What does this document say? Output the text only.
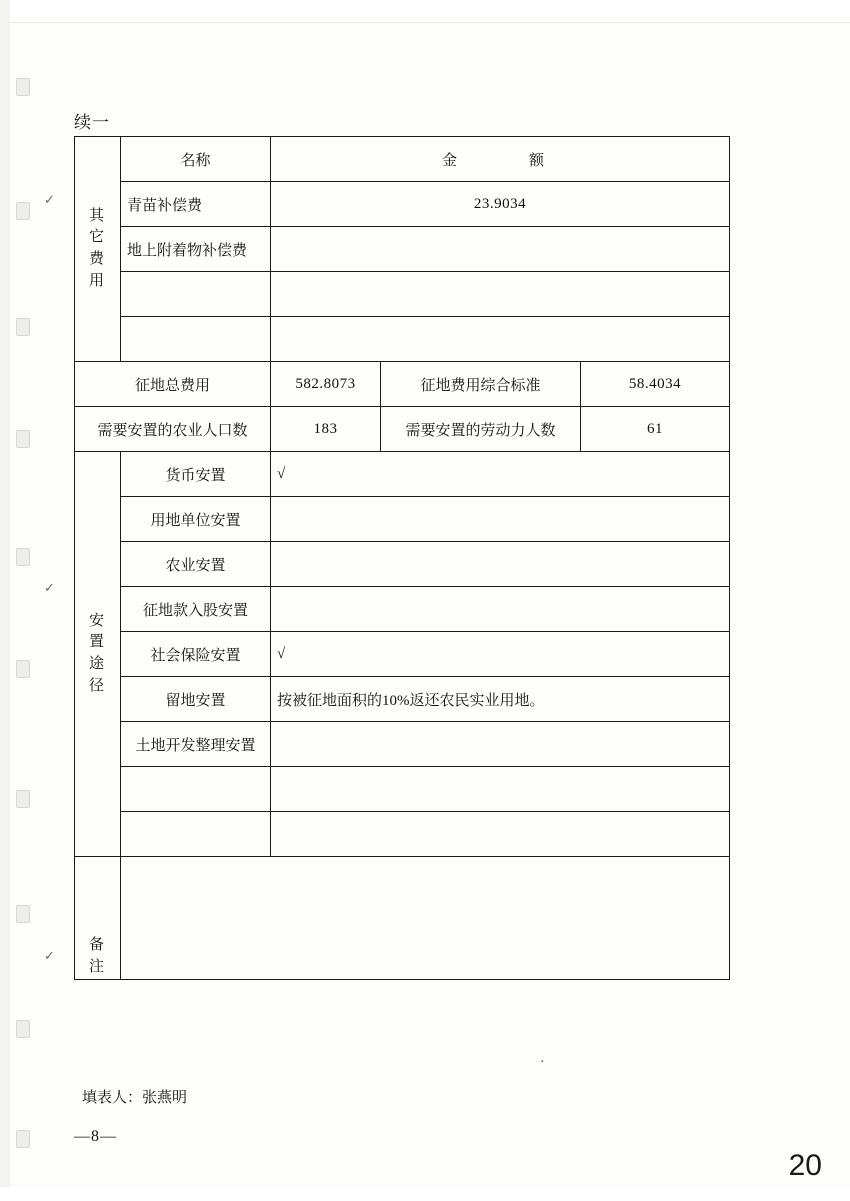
✓
✓
✓
续一
其
它
费
用	名称	金　　额		
	青苗补偿费	23.9034		
	地上附着物补偿费			

征地总费用		582.8073	征地费用综合标准	58.4034
需要安置的农业人口数		183	需要安置的劳动力人数	61

安
置
途
径	货币安置	√		
	用地单位安置			
	农业安置			
	征地款入股安置			
	社会保险安置	√		
	留地安置	按被征地面积的10%返还农民实业用地。		
	土地开发整理安置			

备
注				

·
填表人：张燕明
—8—
20
